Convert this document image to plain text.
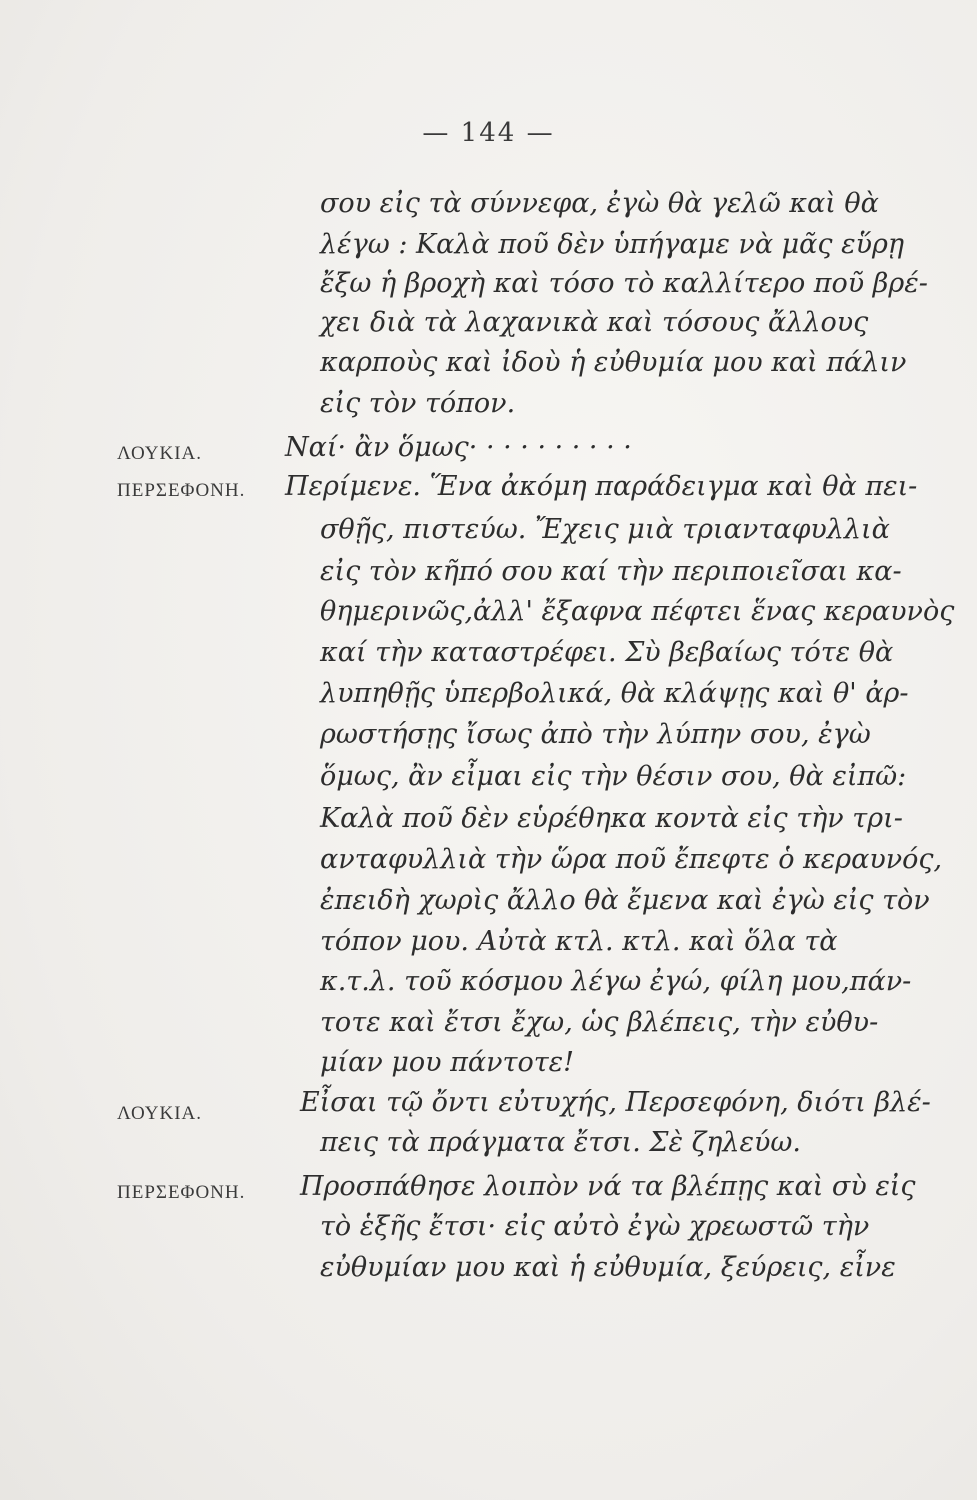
— 144 —
σου εἰς τὰ σύννεφα, ἐγὼ θὰ γελῶ καὶ θὰ
λέγω : Καλὰ ποῦ δὲν ὑπήγαμε νὰ μᾶς εὕρῃ
ἔξω ἡ βροχὴ καὶ τόσο τὸ καλλίτερο ποῦ βρέ-
χει διὰ τὰ λαχανικὰ καὶ τόσους ἄλλους
καρποὺς καὶ ἰδοὺ ἡ εὐθυμία μου καὶ πάλιν
εἰς τὸν τόπον.
ΛΟΥΚΙΑ.	Ναί· ἂν ὅμως· · · · · · · · · ·
ΠΕΡΣΕΦΟΝΗ. Περίμενε. Ἕνα ἀκόμη παράδειγμα καὶ θὰ πει-
σθῇς, πιστεύω. Ἔχεις μιὰ τριανταφυλλιὰ
εἰς τὸν κῆπό σου καί τὴν περιποιεῖσαι κα-
θημερινῶς,ἀλλ' ἔξαφνα πέφτει ἕνας κεραυνὸς
καί τὴν καταστρέφει. Σὺ βεβαίως τότε θὰ
λυπηθῇς ὑπερβολικά, θὰ κλάψῃς καὶ θ' ἀρ-
ρωστήσῃς ἴσως ἀπὸ τὴν λύπην σου, ἐγὼ
ὅμως, ἂν εἶμαι εἰς τὴν θέσιν σου, θὰ εἰπῶ:
Καλὰ ποῦ δὲν εὑρέθηκα κοντὰ εἰς τὴν τρι-
ανταφυλλιὰ τὴν ὥρα ποῦ ἔπεφτε ὁ κεραυνός,
ἐπειδὴ χωρὶς ἄλλο θὰ ἔμενα καὶ ἐγὼ εἰς τὸν
τόπον μου. Αὐτὰ κτλ. κτλ. καὶ ὅλα τὰ
κ.τ.λ. τοῦ κόσμου λέγω ἐγώ, φίλη μου,πάν-
τοτε καὶ ἔτσι ἔχω, ὡς βλέπεις, τὴν εὐθυ-
μίαν μου πάντοτε!
ΛΟΥΚΙΑ.	Εἶσαι τῷ ὄντι εὐτυχής, Περσεφόνη, διότι βλέ-
πεις τὰ πράγματα ἔτσι. Σὲ ζηλεύω.
ΠΕΡΣΕΦΟΝΗ. Προσπάθησε λοιπὸν νά τα βλέπῃς καὶ σὺ εἰς
τὸ ἑξῆς ἔτσι· εἰς αὐτὸ ἐγὼ χρεωστῶ τὴν
εὐθυμίαν μου καὶ ἡ εὐθυμία, ξεύρεις, εἶνε
